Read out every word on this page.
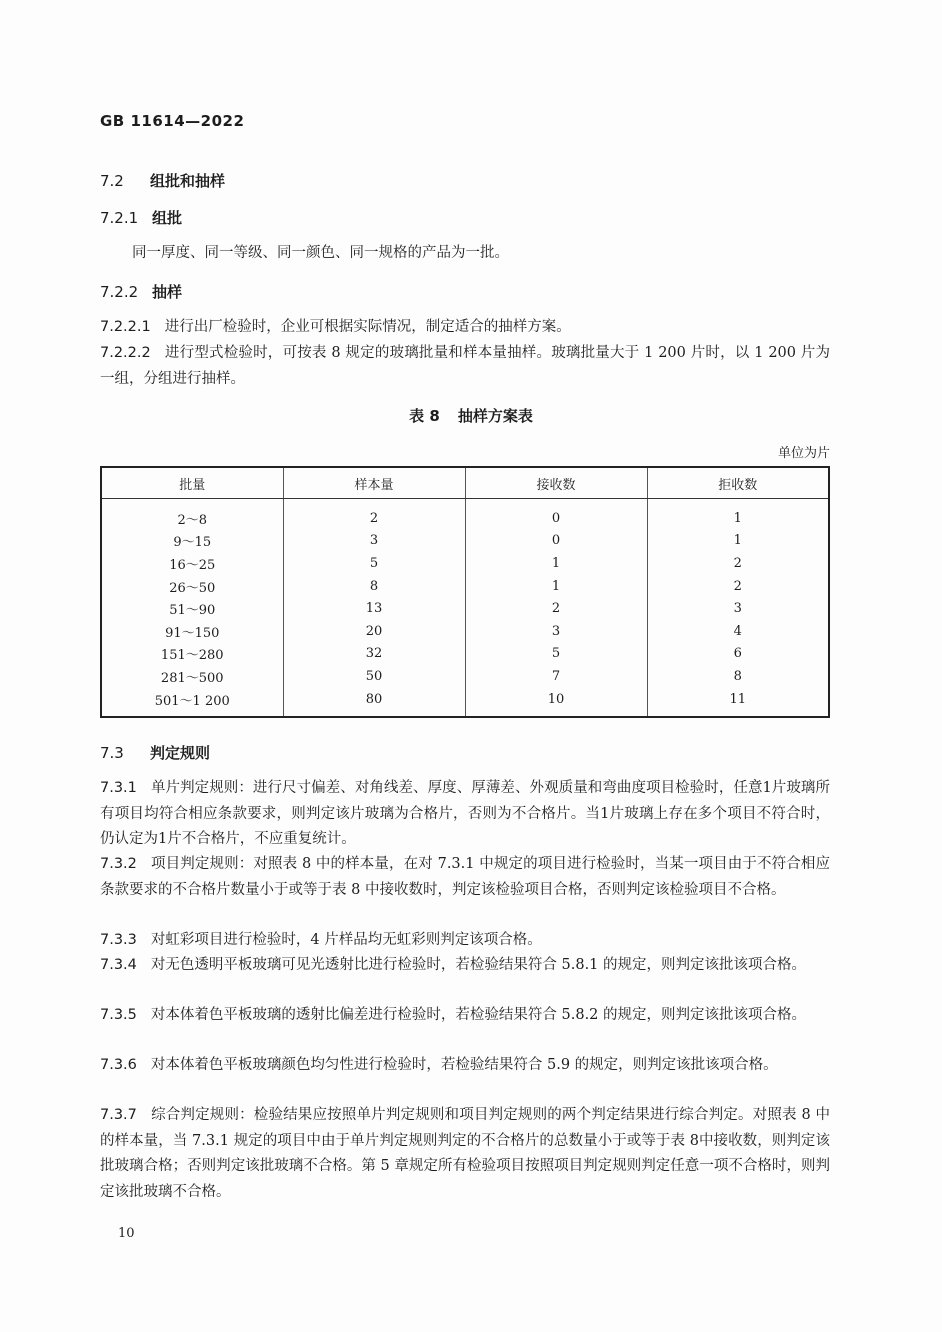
GB 11614—2022
7.2 组批和抽样
7.2.1 组批
同一厚度、同一等级、同一颜色、同一规格的产品为一批。
7.2.2 抽样
7.2.2.1 进行出厂检验时，企业可根据实际情况，制定适合的抽样方案。
7.2.2.2 进行型式检验时，可按表 8 规定的玻璃批量和样本量抽样。玻璃批量大于 1 200 片时，以 1 200 片为一组，分组进行抽样。
表 8 抽样方案表
单位为片
批量	样本量	接收数	拒收数
2～8	2	0	1
9～15	3	0	1
16～25	5	1	2
26～50	8	1	2
51～90	13	2	3
91～150	20	3	4
151～280	32	5	6
281～500	50	7	8
501～1 200	80	10	11
7.3 判定规则
7.3.1 单片判定规则：进行尺寸偏差、对角线差、厚度、厚薄差、外观质量和弯曲度项目检验时，任意1片玻璃所有项目均符合相应条款要求，则判定该片玻璃为合格片，否则为不合格片。当1片玻璃上存在多个项目不符合时，仍认定为1片不合格片，不应重复统计。
7.3.2 项目判定规则：对照表 8 中的样本量，在对 7.3.1 中规定的项目进行检验时，当某一项目由于不符合相应条款要求的不合格片数量小于或等于表 8 中接收数时，判定该检验项目合格，否则判定该检验项目不合格。
7.3.3 对虹彩项目进行检验时，4 片样品均无虹彩则判定该项合格。
7.3.4 对无色透明平板玻璃可见光透射比进行检验时，若检验结果符合 5.8.1 的规定，则判定该批该项合格。
7.3.5 对本体着色平板玻璃的透射比偏差进行检验时，若检验结果符合 5.8.2 的规定，则判定该批该项合格。
7.3.6 对本体着色平板玻璃颜色均匀性进行检验时，若检验结果符合 5.9 的规定，则判定该批该项合格。
7.3.7 综合判定规则：检验结果应按照单片判定规则和项目判定规则的两个判定结果进行综合判定。对照表 8 中的样本量，当 7.3.1 规定的项目中由于单片判定规则判定的不合格片的总数量小于或等于表 8中接收数，则判定该批玻璃合格；否则判定该批玻璃不合格。第 5 章规定所有检验项目按照项目判定规则判定任意一项不合格时，则判定该批玻璃不合格。
10
